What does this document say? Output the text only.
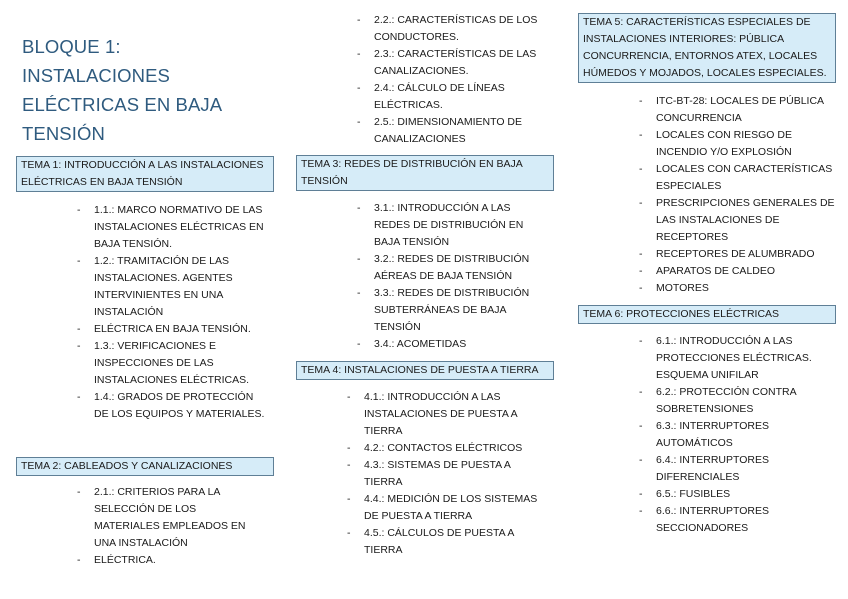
BLOQUE 1: INSTALACIONES ELÉCTRICAS EN BAJA TENSIÓN
TEMA 1: INTRODUCCIÓN A LAS INSTALACIONES ELÉCTRICAS EN BAJA TENSIÓN
- 1.1.: MARCO NORMATIVO DE LAS INSTALACIONES ELÉCTRICAS EN BAJA TENSIÓN.
- 1.2.: TRAMITACIÓN DE LAS INSTALACIONES. AGENTES INTERVINIENTES EN UNA INSTALACIÓN
- ELÉCTRICA EN BAJA TENSIÓN.
- 1.3.: VERIFICACIONES E INSPECCIONES DE LAS INSTALACIONES ELÉCTRICAS.
- 1.4.: GRADOS DE PROTECCIÓN DE LOS EQUIPOS Y MATERIALES.
TEMA 2: CABLEADOS Y CANALIZACIONES
- 2.1.: CRITERIOS PARA LA SELECCIÓN DE LOS MATERIALES EMPLEADOS EN UNA INSTALACIÓN
- ELÉCTRICA.
- 2.2.: CARACTERÍSTICAS DE LOS CONDUCTORES.
- 2.3.: CARACTERÍSTICAS DE LAS CANALIZACIONES.
- 2.4.: CÁLCULO DE LÍNEAS ELÉCTRICAS.
- 2.5.: DIMENSIONAMIENTO DE CANALIZACIONES
TEMA 3: REDES DE DISTRIBUCIÓN EN BAJA TENSIÓN
- 3.1.: INTRODUCCIÓN A LAS REDES DE DISTRIBUCIÓN EN BAJA TENSIÓN
- 3.2.: REDES DE DISTRIBUCIÓN AÉREAS DE BAJA TENSIÓN
- 3.3.: REDES DE DISTRIBUCIÓN SUBTERRÁNEAS DE BAJA TENSIÓN
- 3.4.: ACOMETIDAS
TEMA 4: INSTALACIONES DE PUESTA A TIERRA
- 4.1.: INTRODUCCIÓN A LAS INSTALACIONES DE PUESTA A TIERRA
- 4.2.: CONTACTOS ELÉCTRICOS
- 4.3.: SISTEMAS DE PUESTA A TIERRA
- 4.4.: MEDICIÓN DE LOS SISTEMAS DE PUESTA A TIERRA
- 4.5.: CÁLCULOS DE PUESTA A TIERRA
TEMA 5: CARACTERÍSTICAS ESPECIALES DE INSTALACIONES INTERIORES: PÚBLICA CONCURRENCIA, ENTORNOS ATEX, LOCALES HÚMEDOS Y MOJADOS, LOCALES ESPECIALES.
- ITC-BT-28: LOCALES DE PÚBLICA CONCURRENCIA
- LOCALES CON RIESGO DE INCENDIO Y/O EXPLOSIÓN
- LOCALES CON CARACTERÍSTICAS ESPECIALES
- PRESCRIPCIONES GENERALES DE LAS INSTALACIONES DE RECEPTORES
- RECEPTORES DE ALUMBRADO
- APARATOS DE CALDEO
- MOTORES
TEMA 6: PROTECCIONES ELÉCTRICAS
- 6.1.: INTRODUCCIÓN A LAS PROTECCIONES ELÉCTRICAS. ESQUEMA UNIFILAR
- 6.2.: PROTECCIÓN CONTRA SOBRETENSIONES
- 6.3.: INTERRUPTORES AUTOMÁTICOS
- 6.4.: INTERRUPTORES DIFERENCIALES
- 6.5.: FUSIBLES
- 6.6.: INTERRUPTORES SECCIONADORES
